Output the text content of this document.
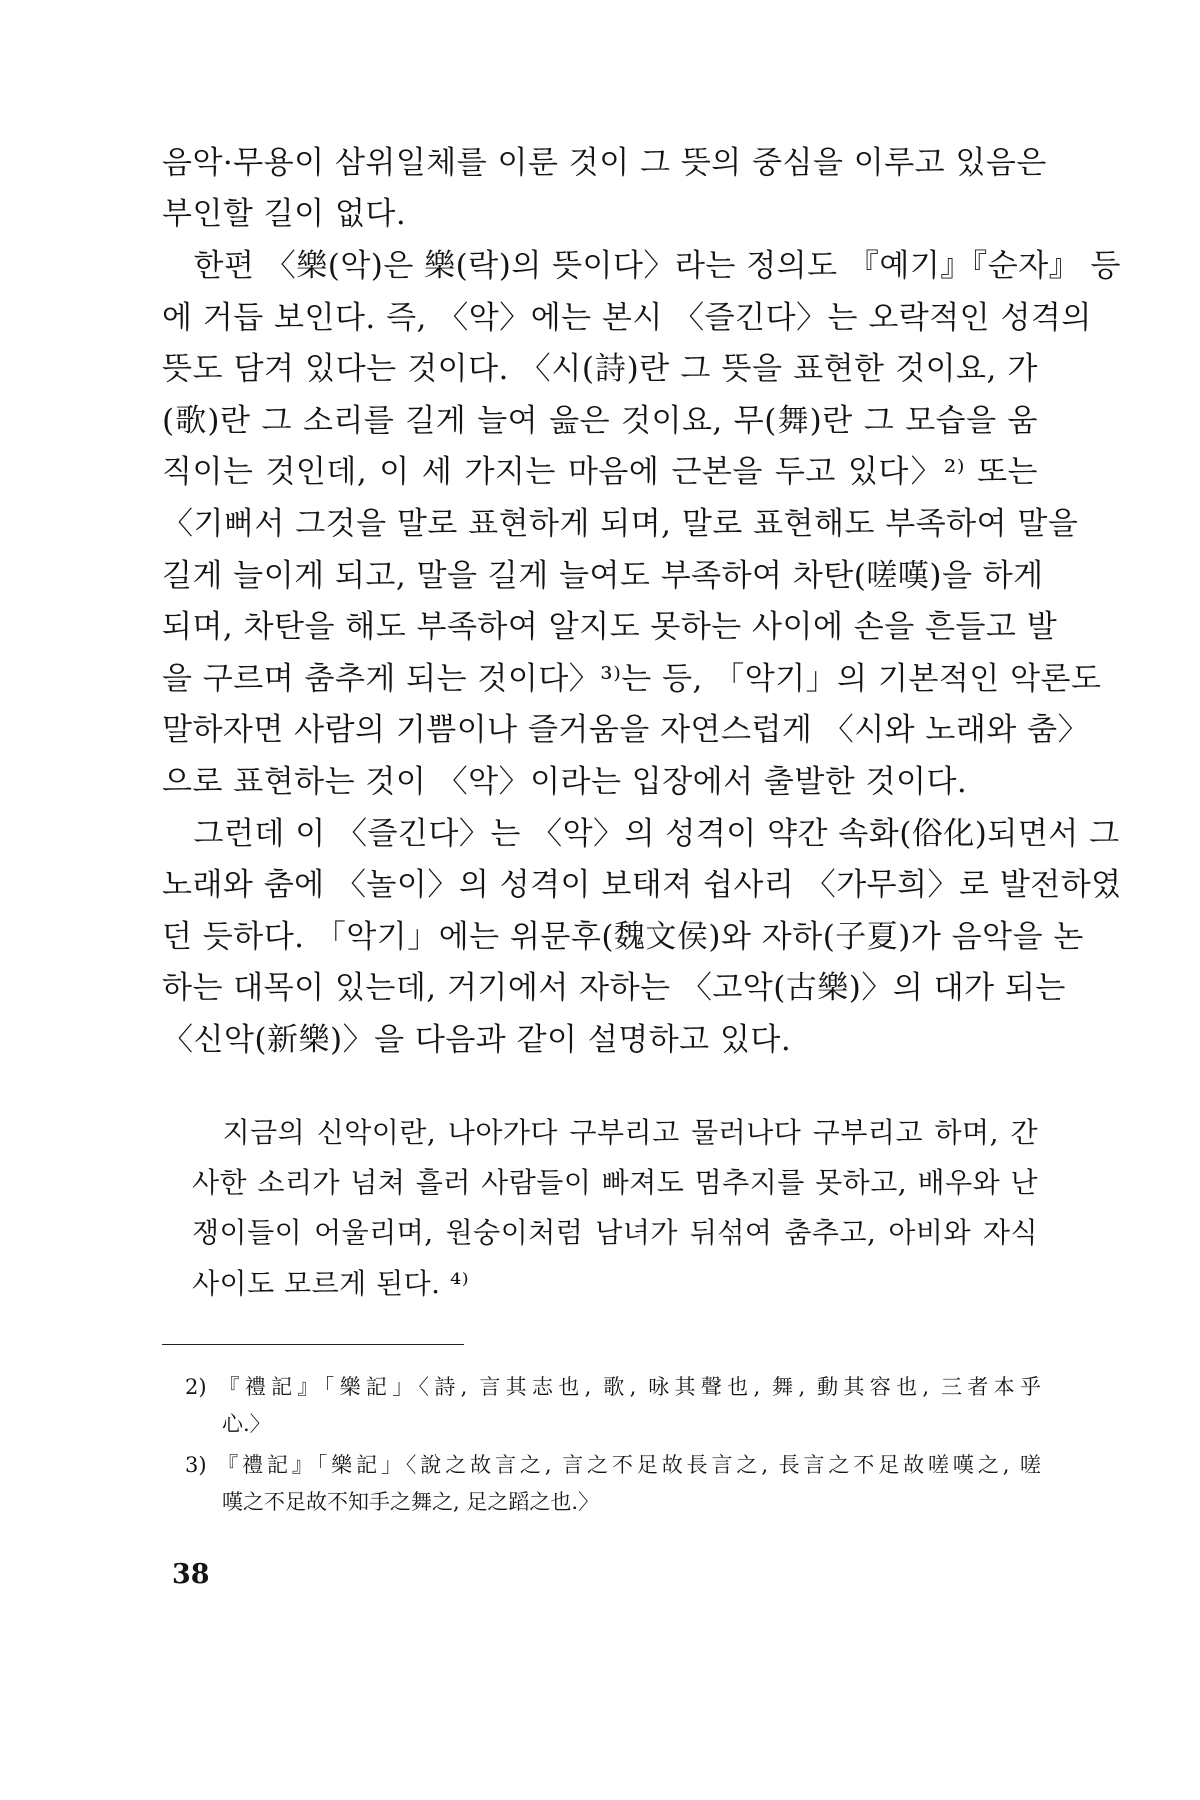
음악·무용이 삼위일체를 이룬 것이 그 뜻의 중심을 이루고 있음은

부인할 길이 없다.

　한편 〈樂(악)은 樂(락)의 뜻이다〉라는 정의도 『예기』『순자』 등

에 거듭 보인다. 즉, 〈악〉에는 본시 〈즐긴다〉는 오락적인 성격의

뜻도 담겨 있다는 것이다. 〈시(詩)란 그 뜻을 표현한 것이요, 가

(歌)란 그 소리를 길게 늘여 읊은 것이요, 무(舞)란 그 모습을 움

직이는 것인데, 이 세 가지는 마음에 근본을 두고 있다〉²⁾ 또는

〈기뻐서 그것을 말로 표현하게 되며, 말로 표현해도 부족하여 말을

길게 늘이게 되고, 말을 길게 늘여도 부족하여 차탄(嗟嘆)을 하게

되며, 차탄을 해도 부족하여 알지도 못하는 사이에 손을 흔들고 발

을 구르며 춤추게 되는 것이다〉³⁾는 등, 「악기」의 기본적인 악론도

말하자면 사람의 기쁨이나 즐거움을 자연스럽게 〈시와 노래와 춤〉

으로 표현하는 것이 〈악〉이라는 입장에서 출발한 것이다.

　그런데 이 〈즐긴다〉는 〈악〉의 성격이 약간 속화(俗化)되면서 그

노래와 춤에 〈놀이〉의 성격이 보태져 쉽사리 〈가무희〉로 발전하였

던 듯하다. 「악기」에는 위문후(魏文侯)와 자하(子夏)가 음악을 논

하는 대목이 있는데, 거기에서 자하는 〈고악(古樂)〉의 대가 되는

〈신악(新樂)〉을 다음과 같이 설명하고 있다.

　지금의 신악이란, 나아가다 구부리고 물러나다 구부리고 하며, 간

사한 소리가 넘쳐 흘러 사람들이 빠져도 멈추지를 못하고, 배우와 난

쟁이들이 어울리며, 원숭이처럼 남녀가 뒤섞여 춤추고, 아비와 자식

사이도 모르게 된다. ⁴⁾

2) 『禮記』「樂記」〈詩, 言其志也, 歌, 咏其聲也, 舞, 動其容也, 三者本乎

心.〉

3) 『禮記』「樂記」〈說之故言之, 言之不足故長言之, 長言之不足故嗟嘆之, 嗟

嘆之不足故不知手之舞之, 足之蹈之也.〉

38
